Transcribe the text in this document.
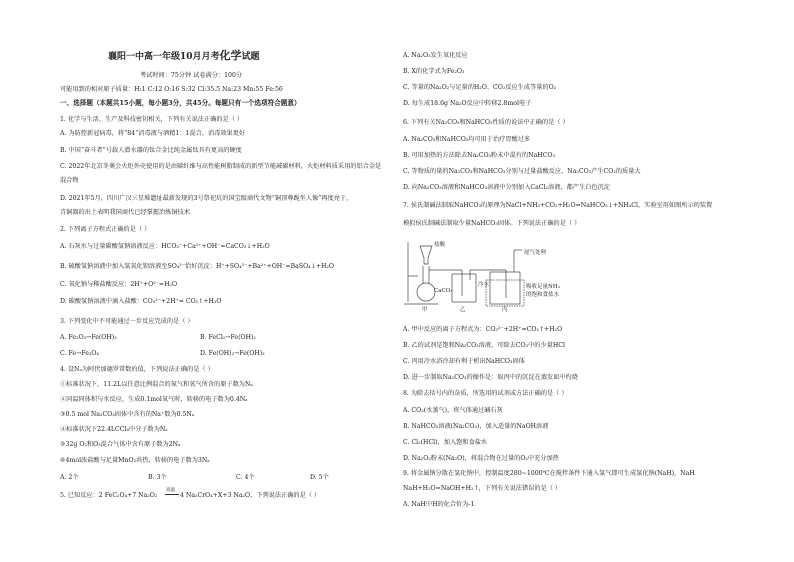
襄阳一中高一年级10月月考化学试题
考试时间：75分钟 试卷满分：100分
可能用到的相对原子质量：H:1 C:12 O:16 S:32 Cl:35.5 Na:23 Mn:55 Fe:56
一、选择题（本题共15小题，每小题3分，共45分。每题只有一个选项符合题意）
1. 化学与生活、生产及科技密切相关，下列有关说法正确的是（ ）
A. 为防控新冠病毒，将“84”消毒液与酒精1：1混合，消毒效果更好
B. 中国“奋斗者”号载人潜水器的钛合金比纯金属钛具有更高的硬度
C. 2022年北京冬奥会火炬外壳使用的是由碳纤维与高性能树脂制成的新型节能减碳材料，火炬材料质采用的铝合金是
混合物
D. 2021年5月，四川广汉三星堆遗址最新发现的3号祭祀坑的国宝级商代文物“铜顶尊跪坐人像”再度亮于，
青铜器的出土表明我国商代已经掌握冶炼铜技术
2. 下列离子方程式正确的是（ ）
A. 石灰水与过量碳酸氢钠溶液反应：HCO₃⁻+Ca²⁺+OH⁻=CaCO₃↓+H₂O
B. 硫酸氢钠溶液中加入氢氧化钡溶液至SO₄²⁻恰好沉淀：H⁺+SO₄²⁻+Ba²⁺+OH⁻=BaSO₄↓+H₂O
C. 氧化钠与稀盐酸反应：2H⁺+O²⁻=H₂O
D. 碳酸氢钠溶液中滴入盐酸：CO₃²⁻+2H⁺= CO₂↑+H₂O
3. 下列变化中不可能通过一步反应完成的是（ ）
A. Fe₂O₃→Fe(OH)₃	B. FeCl₂→Fe(OH)₂
C. Fe→Fe₃O₄	D. Fe(OH)₂→Fe(OH)₃
4. 设Nₐ为阿伏加德罗常数的值，下列说法正确的是（ ）
①标准状况下，11.2L以任意比例混合的氮气和氧气所含的原子数为Nₐ
②同温同体积与水反应，生成0.1mol氧气时，转移的电子数为0.4Nₐ
③0.5 mol Na₂CO₃固体中含有的Na⁺数为0.5Nₐ
④标准状况下22.4LCCl₄中分子数为Nₐ
⑤32g O₂和O₃混合气体中含有原子数为2Nₐ
⑥4mol浓盐酸与足量MnO₂共热，转移的电子数为3Nₐ
A. 2个	B. 3个	C. 4个	D. 5个
高温
5. 已知反应：2 FeC₂O₄+7 Na₂O₂	4 Na₂CrO₄+X+3 Na₂O，下列说法正确的是（ ）
A. Na₂O₂发生氧化反应
B. X的化学式为Fe₂O₃
C. 等量的Na₂O₂与足量的H₂O、CO₂反应生成等量的O₂
D. 每生成18.6g Na₂O反应中转移2.8mol电子
6. 下列有关Na₂CO₃和NaHCO₃性质的说法中正确的是（ ）
A. Na₂CO₃和NaHCO₃均可用于治疗胃酸过多
B. 可用加热的方法除去Na₂CO₃粉末中混有的NaHCO₃
C. 等物质的量的Na₂CO₃和NaHCO₃分别与过量盐酸反应，Na₂CO₃产生CO₂的质量大
D. 向Na₂CO₃溶液和NaHCO₃溶液中分别加入CaCl₂溶液，都产生白色沉淀
7. 侯氏制碱法制取NaHCO₃的原理为NaCl+NH₃+CO₂+H₂O=NaHCO₃↓+NH₄Cl，实验室用如图所示的装置
模拟侯氏制碱法制取少量NaHCO₃固体。下列说法正确的是（ ）
盐酸
CaCO₃
冷水
尾气处理
吸收足量NH₃
的饱和食盐水
甲	乙	丙
A. 甲中反应的离子方程式为：CO₃²⁻+2H⁺=CO₂↑+H₂O
B. 乙的试剂是饱和Na₂CO₃溶液，可除去CO₂中的少量HCl
C. 丙用冷水浴冷却有利于析出NaHCO₃固体
D. 进一步制取Na₂CO₃的操作是：取丙中的沉淀在蒸发皿中灼烧
8. 为除去括号内的杂质，所选用的试剂或方法正确的是（ ）
A. CO₂(水蒸气)，将气体通过碱石灰
B. NaHCO₃溶液(Na₂CO₃)，加入适量的NaOH溶液
C. Cl₂(HCl)，加入饱和食盐水
D. Na₂O₂粉末(Na₂O)，将混合物在过量的O₂中充分加热
9. 将金属钠分散在氢化钠中，控制温度280~1000℃在搅拌条件下通入氢气即可生成氢化钠(NaH)，NaH
NaH+H₂O=NaOH+H₂↑，下列有关说法错误的是（ ）
A. NaH中H的化合价为-1
